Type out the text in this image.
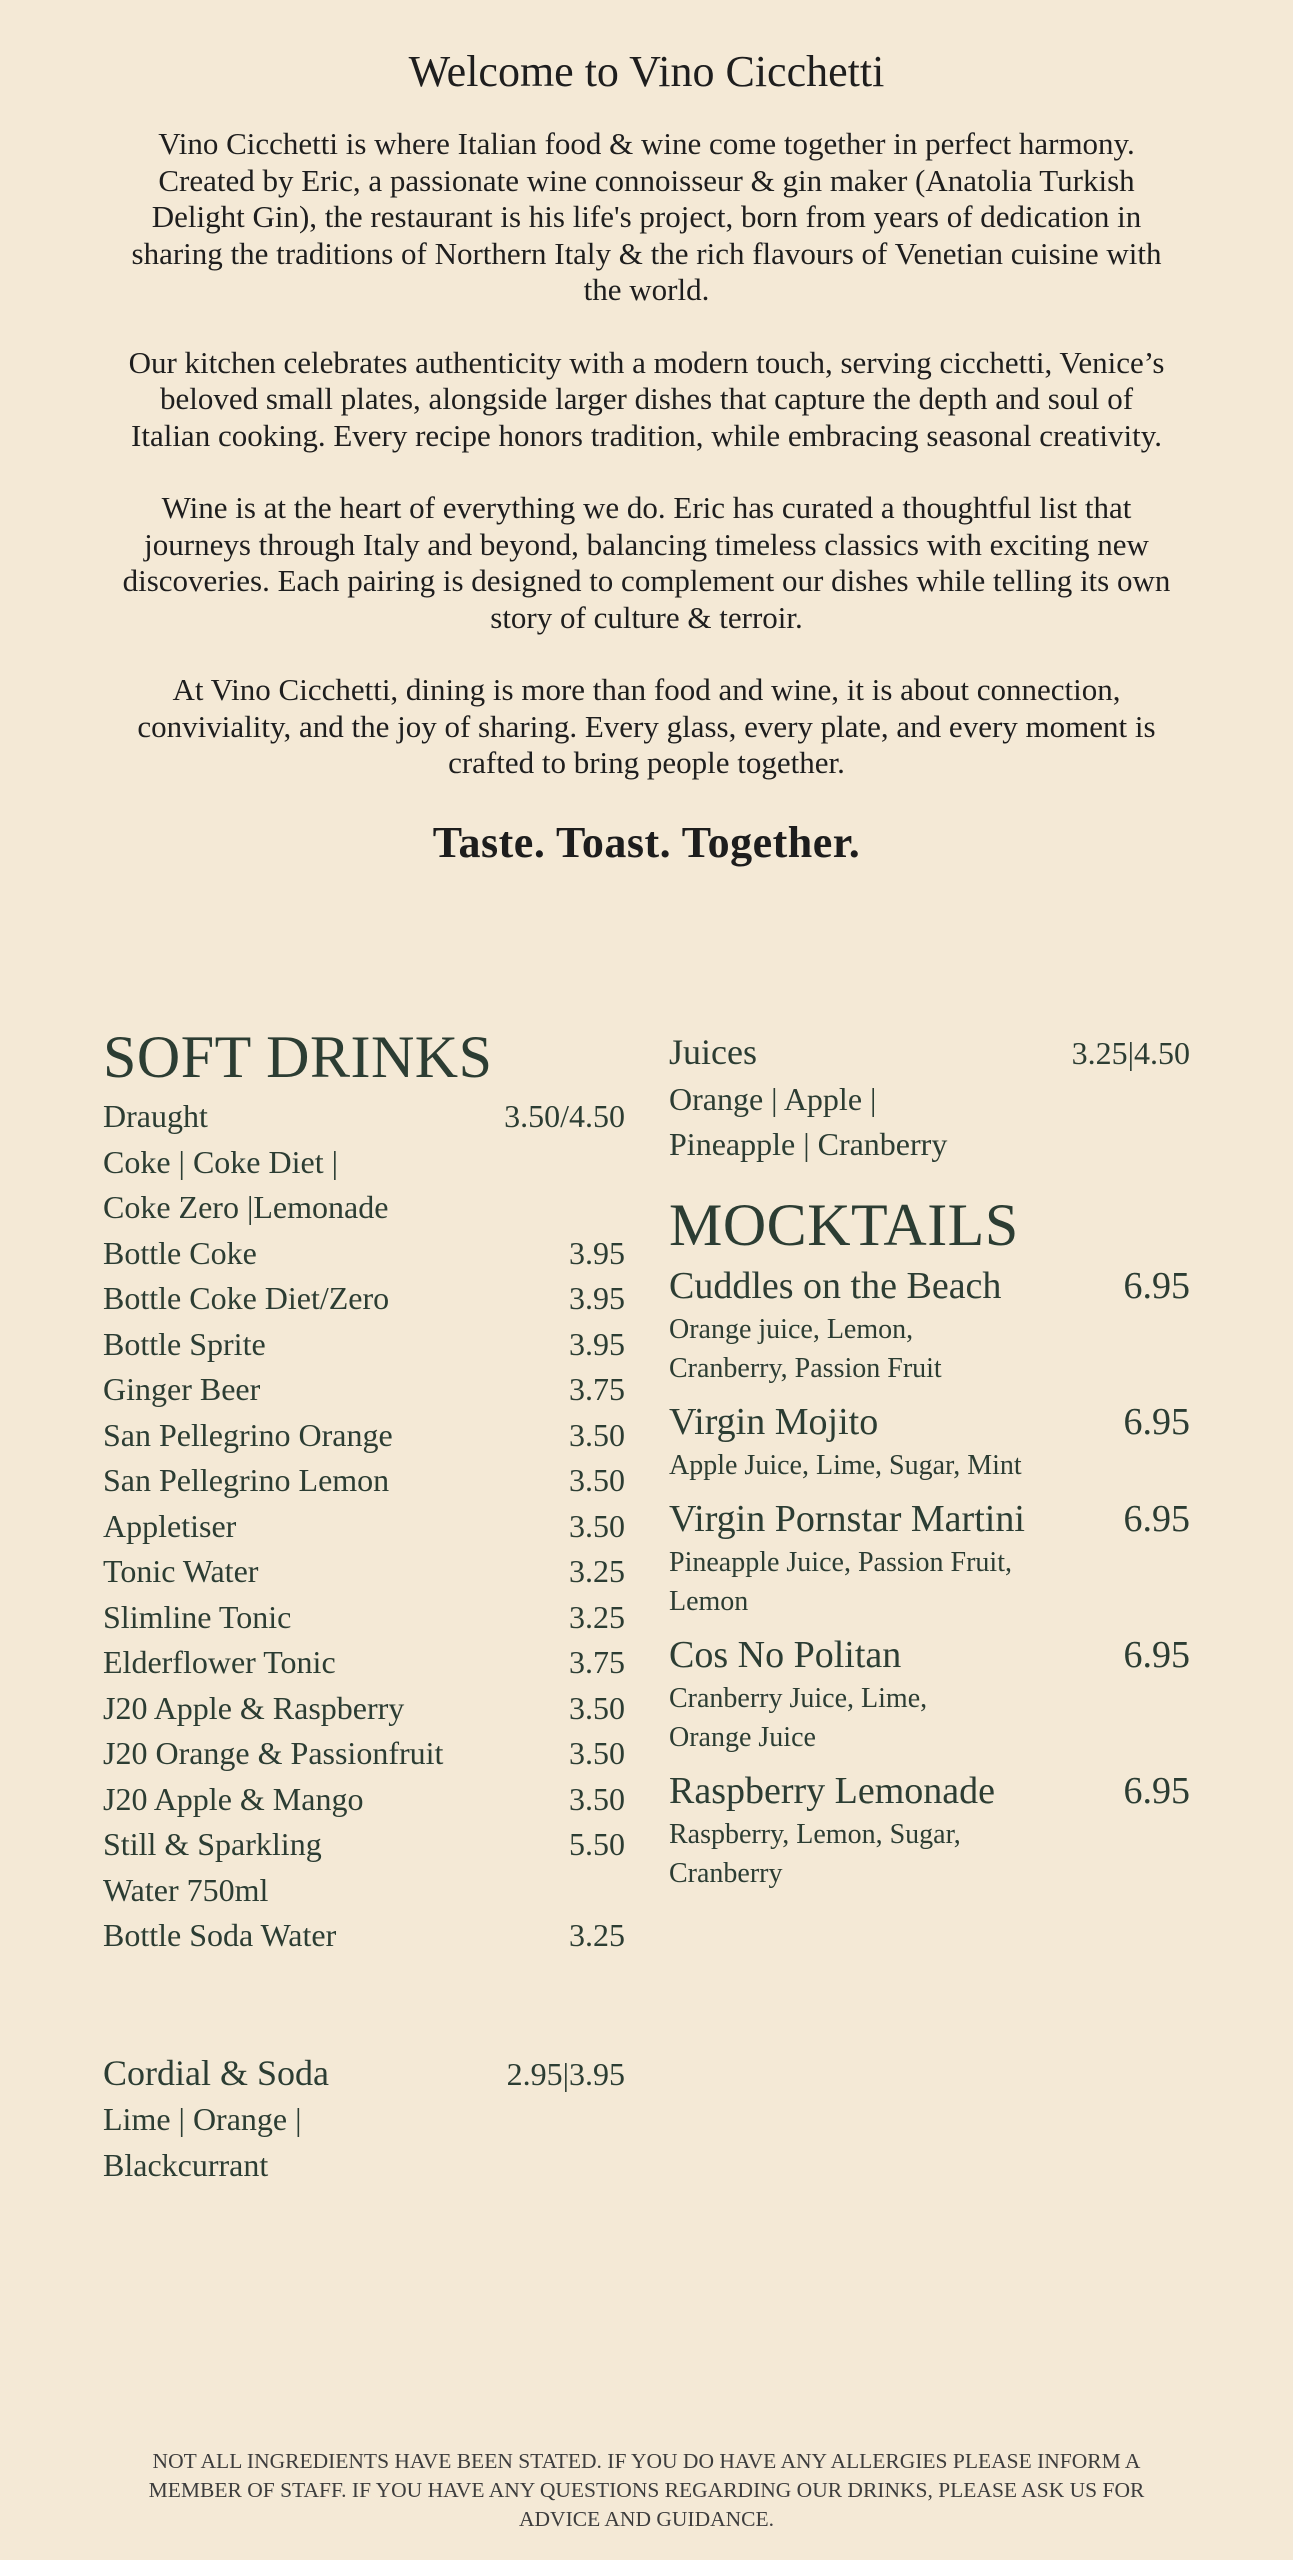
Welcome to Vino Cicchetti

Vino Cicchetti is where Italian food & wine come together in perfect harmony. Created by Eric, a passionate wine connoisseur & gin maker (Anatolia Turkish Delight Gin), the restaurant is his life's project, born from years of dedication in sharing the traditions of Northern Italy & the rich flavours of Venetian cuisine with the world.

Our kitchen celebrates authenticity with a modern touch, serving cicchetti, Venice’s beloved small plates, alongside larger dishes that capture the depth and soul of Italian cooking. Every recipe honors tradition, while embracing seasonal creativity.

Wine is at the heart of everything we do. Eric has curated a thoughtful list that journeys through Italy and beyond, balancing timeless classics with exciting new discoveries. Each pairing is designed to complement our dishes while telling its own story of culture & terroir.

At Vino Cicchetti, dining is more than food and wine, it is about connection, conviviality, and the joy of sharing. Every glass, every plate, and every moment is crafted to bring people together.

Taste. Toast. Together.
SOFT DRINKS
Draught	3.50/4.50
Coke | Coke Diet |
Coke Zero |Lemonade
Bottle Coke	3.95
Bottle Coke Diet/Zero	3.95
Bottle Sprite	3.95
Ginger Beer	3.75
San Pellegrino Orange	3.50
San Pellegrino Lemon	3.50
Appletiser	3.50
Tonic Water	3.25
Slimline Tonic	3.25
Elderflower Tonic	3.75
J20 Apple & Raspberry	3.50
J20 Orange & Passionfruit	3.50
J20 Apple & Mango	3.50
Still & Sparkling	5.50
Water 750ml
Bottle Soda Water	3.25
Cordial & Soda	2.95|3.95
Lime | Orange |
Blackcurrant
Juices	3.25|4.50
Orange | Apple |
Pineapple | Cranberry
MOCKTAILS
Cuddles on the Beach	6.95
Orange juice, Lemon,
Cranberry, Passion Fruit
Virgin Mojito	6.95
Apple Juice, Lime, Sugar, Mint
Virgin Pornstar Martini	6.95
Pineapple Juice, Passion Fruit,
Lemon
Cos No Politan	6.95
Cranberry Juice, Lime,
Orange Juice
Raspberry Lemonade	6.95
Raspberry, Lemon, Sugar,
Cranberry
NOT ALL INGREDIENTS HAVE BEEN STATED. IF YOU DO HAVE ANY ALLERGIES PLEASE INFORM A
MEMBER OF STAFF. IF YOU HAVE ANY QUESTIONS REGARDING OUR DRINKS, PLEASE ASK US FOR
ADVICE AND GUIDANCE.
